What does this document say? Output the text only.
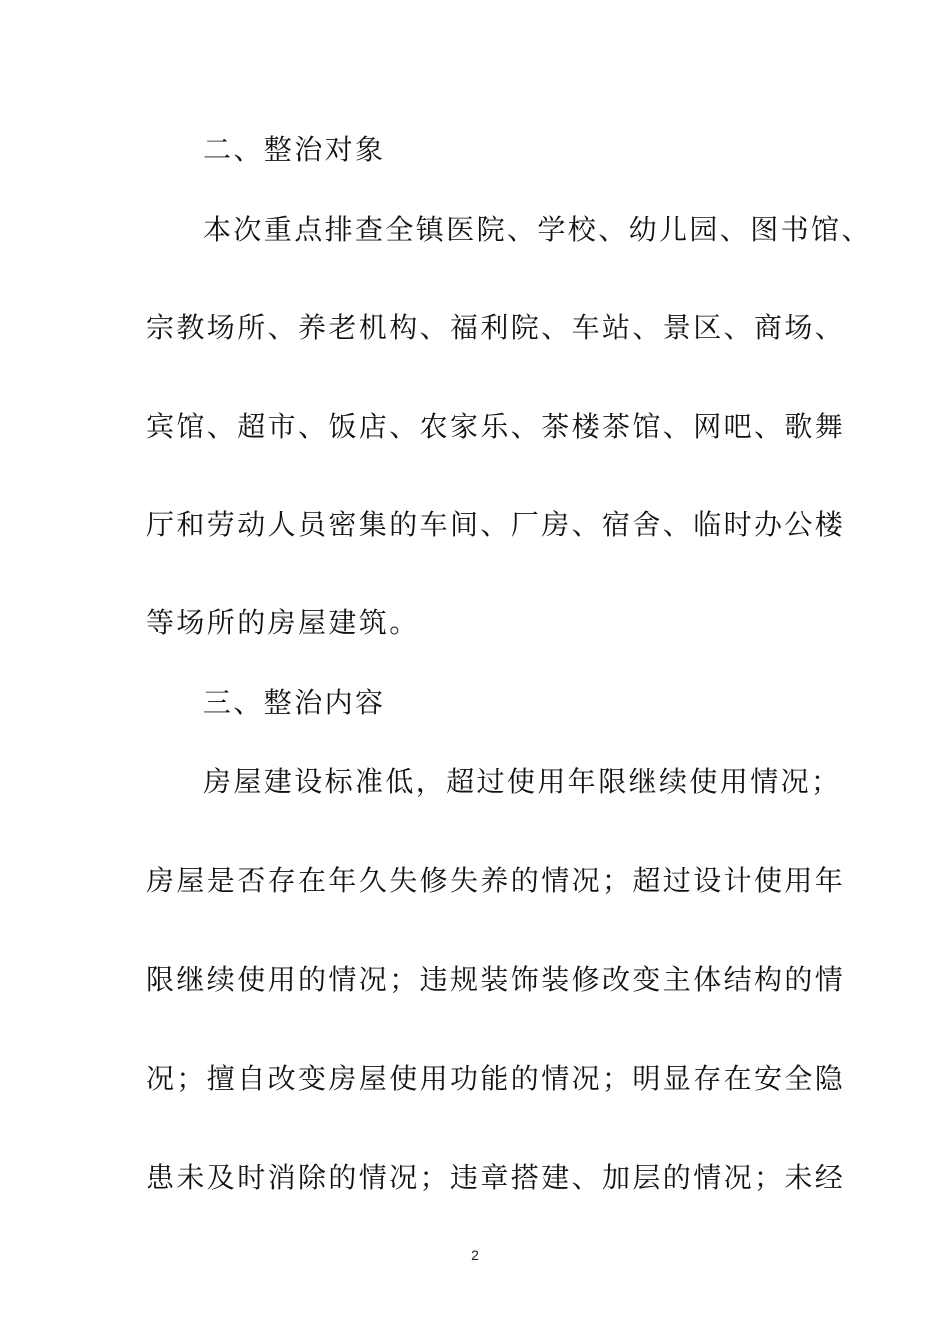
二、整治对象
本次重点排查全镇医院、学校、幼儿园、图书馆、
宗教场所、养老机构、福利院、车站、景区、商场、
宾馆、超市、饭店、农家乐、茶楼茶馆、网吧、歌舞
厅和劳动人员密集的车间、厂房、宿舍、临时办公楼
等场所的房屋建筑。
三、整治内容
房屋建设标准低，超过使用年限继续使用情况；
房屋是否存在年久失修失养的情况；超过设计使用年
限继续使用的情况；违规装饰装修改变主体结构的情
况；擅自改变房屋使用功能的情况；明显存在安全隐
患未及时消除的情况；违章搭建、加层的情况；未经
2
